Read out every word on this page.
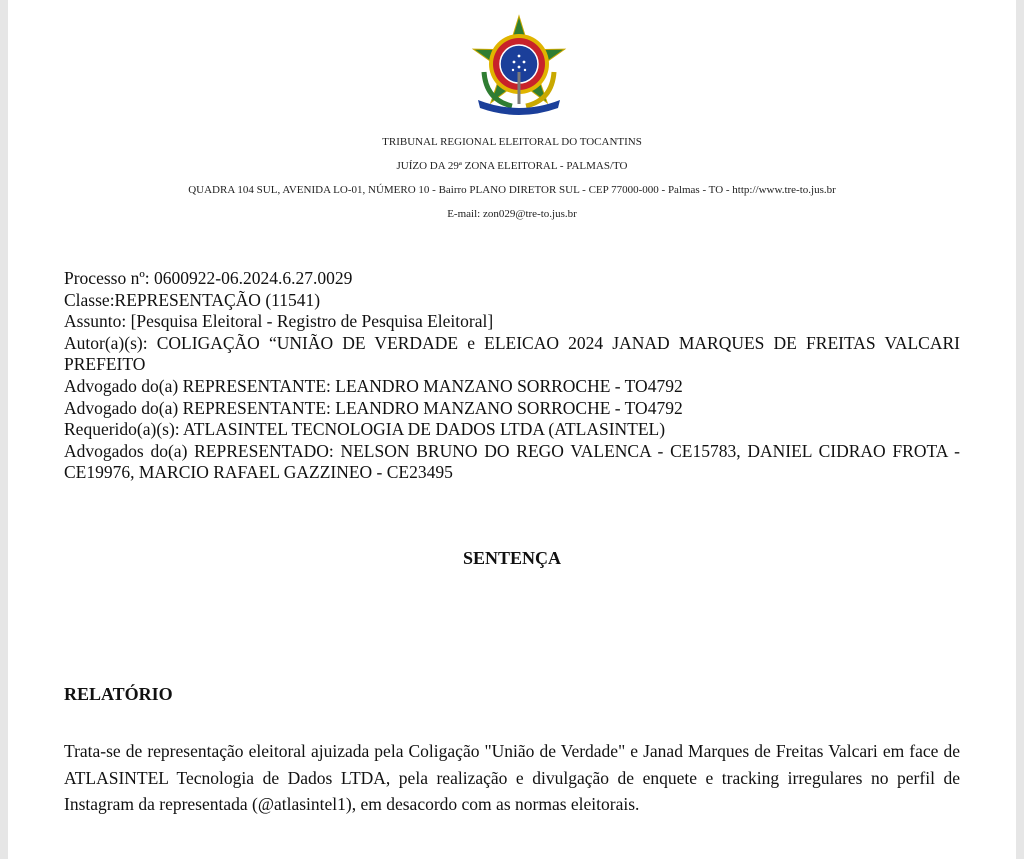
TRIBUNAL REGIONAL ELEITORAL DO TOCANTINS
JUÍZO DA 29ª ZONA ELEITORAL - PALMAS/TO
QUADRA 104 SUL, AVENIDA LO-01, NÚMERO 10 - Bairro PLANO DIRETOR SUL - CEP 77000-000 - Palmas - TO - http://www.tre-to.jus.br
E-mail: zon029@tre-to.jus.br

Processo nº: 0600922-06.2024.6.27.0029

Classe:REPRESENTAÇÃO (11541)

Assunto: [Pesquisa Eleitoral - Registro de Pesquisa Eleitoral]

Autor(a)(s): COLIGAÇÃO “UNIÃO DE VERDADE e ELEICAO 2024 JANAD MARQUES DE FREITAS VALCARI PREFEITO

Advogado do(a) REPRESENTANTE: LEANDRO MANZANO SORROCHE - TO4792

Advogado do(a) REPRESENTANTE: LEANDRO MANZANO SORROCHE - TO4792

Requerido(a)(s): ATLASINTEL TECNOLOGIA DE DADOS LTDA (ATLASINTEL)

Advogados do(a) REPRESENTADO: NELSON BRUNO DO REGO VALENCA - CE15783, DANIEL CIDRAO FROTA - CE19976, MARCIO RAFAEL GAZZINEO - CE23495

SENTENÇA
RELATÓRIO

Trata-se de representação eleitoral ajuizada pela Coligação "União de Verdade" e Janad Marques de Freitas Valcari em face de ATLASINTEL Tecnologia de Dados LTDA, pela realização e divulgação de enquete e tracking irregulares no perfil de Instagram da representada (@atlasintel1), em desacordo com as normas eleitorais.
